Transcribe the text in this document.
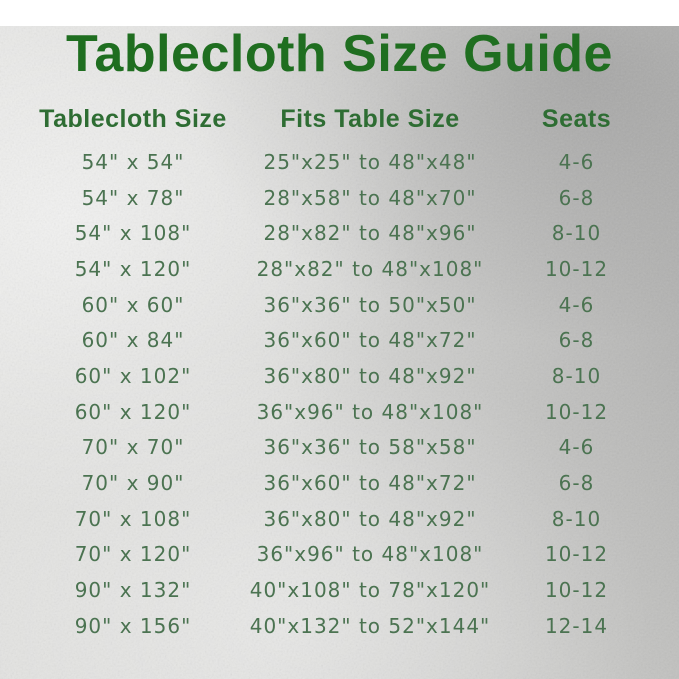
Tablecloth Size Guide
Tablecloth Size	Fits Table Size	Seats
54" x 54"	25"x25" to 48"x48"	4-6
54" x 78"	28"x58" to 48"x70"	6-8
54" x 108"	28"x82" to 48"x96"	8-10
54" x 120"	28"x82" to 48"x108"	10-12
60" x 60"	36"x36" to 50"x50"	4-6
60" x 84"	36"x60" to 48"x72"	6-8
60" x 102"	36"x80" to 48"x92"	8-10
60" x 120"	36"x96" to 48"x108"	10-12
70" x 70"	36"x36" to 58"x58"	4-6
70" x 90"	36"x60" to 48"x72"	6-8
70" x 108"	36"x80" to 48"x92"	8-10
70" x 120"	36"x96" to 48"x108"	10-12
90" x 132"	40"x108" to 78"x120"	10-12
90" x 156"	40"x132" to 52"x144"	12-14
